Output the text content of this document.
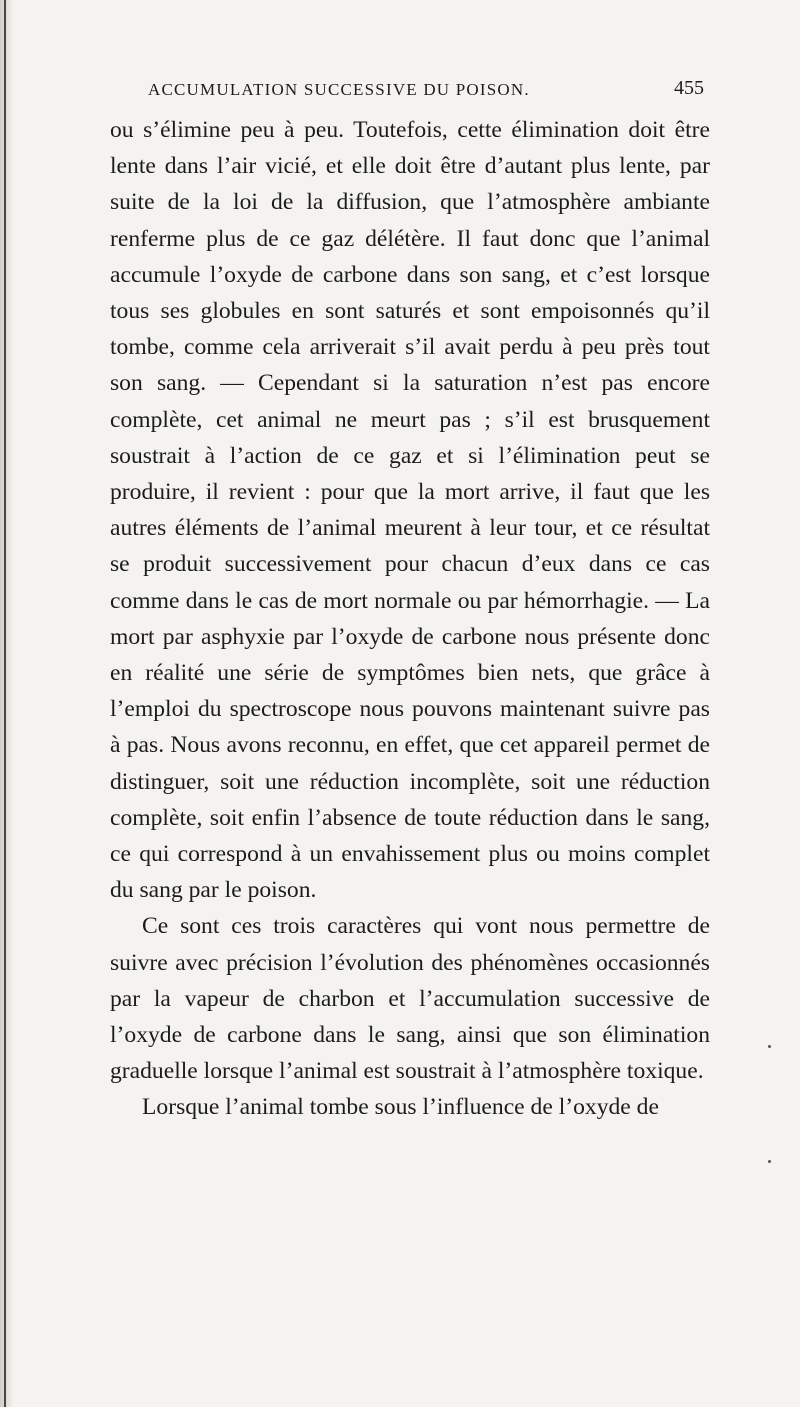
ACCUMULATION SUCCESSIVE DU POISON.	455

ou s’élimine peu à peu. Toutefois, cette élimination doit être lente dans l’air vicié, et elle doit être d’autant plus lente, par suite de la loi de la diffusion, que l’atmosphère ambiante renferme plus de ce gaz délétère. Il faut donc que l’animal accumule l’oxyde de carbone dans son sang, et c’est lorsque tous ses globules en sont saturés et sont empoisonnés qu’il tombe, comme cela arriverait s’il avait perdu à peu près tout son sang. — Cependant si la saturation n’est pas encore complète, cet animal ne meurt pas ; s’il est brusquement soustrait à l’action de ce gaz et si l’élimination peut se produire, il revient : pour que la mort arrive, il faut que les autres éléments de l’animal meurent à leur tour, et ce résultat se produit successivement pour chacun d’eux dans ce cas comme dans le cas de mort normale ou par hémorrhagie. — La mort par asphyxie par l’oxyde de carbone nous présente donc en réalité une série de symptômes bien nets, que grâce à l’emploi du spectroscope nous pouvons maintenant suivre pas à pas. Nous avons reconnu, en effet, que cet appareil permet de distinguer, soit une réduction incomplète, soit une réduction complète, soit enfin l’absence de toute réduction dans le sang, ce qui correspond à un envahissement plus ou moins complet du sang par le poison.

Ce sont ces trois caractères qui vont nous permettre de suivre avec précision l’évolution des phénomènes occasionnés par la vapeur de charbon et l’accumulation successive de l’oxyde de carbone dans le sang, ainsi que son élimination graduelle lorsque l’animal est soustrait à l’atmosphère toxique.

Lorsque l’animal tombe sous l’influence de l’oxyde de
